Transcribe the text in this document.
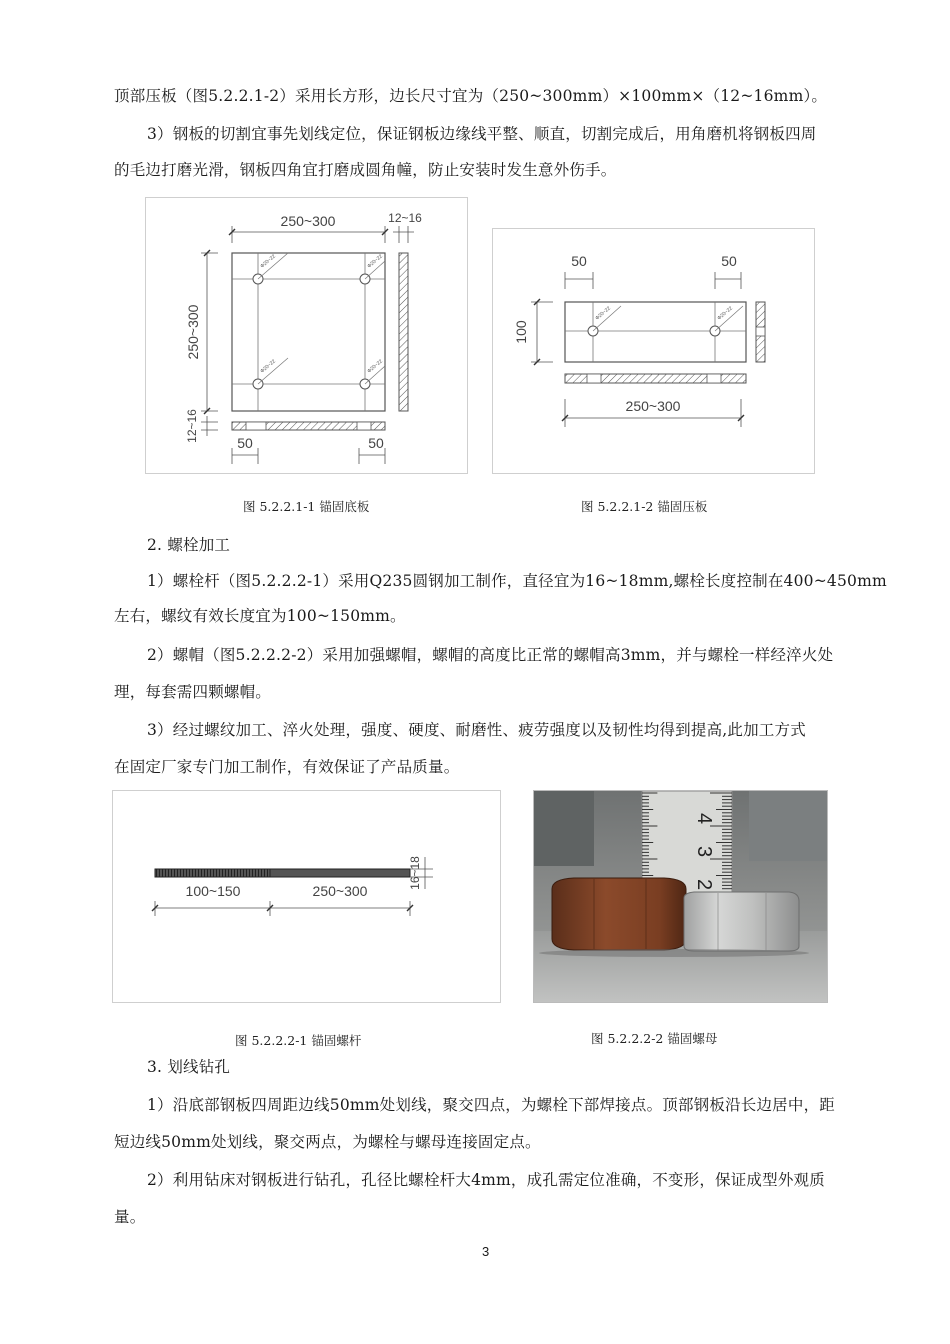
顶部压板（图5.2.2.1-2）采用长方形，边长尺寸宜为（250~300mm）×100mm×（12~16mm）。
3）钢板的切割宜事先划线定位，保证钢板边缘线平整、顺直，切割完成后，用角磨机将钢板四周
的毛边打磨光滑，钢板四角宜打磨成圆角幢，防止安装时发生意外伤手。
Ф20~22	Ф20~22
Ф20~22	Ф20~22
250~300	12~16
250~300
12~16
50	50
Ф20~22	Ф20~22
50	50
100
250~300
图 5.2.2.1-1 锚固底板	图 5.2.2.1-2 锚固压板
2. 螺栓加工
1）螺栓杆（图5.2.2.2-1）采用Q235圆钢加工制作，直径宜为16~18mm,螺栓长度控制在400~450mm
左右，螺纹有效长度宜为100~150mm。
2）螺帽（图5.2.2.2-2）采用加强螺帽，螺帽的高度比正常的螺帽高3mm，并与螺栓一样经淬火处
理，每套需四颗螺帽。
3）经过螺纹加工、淬火处理，强度、硬度、耐磨性、疲劳强度以及韧性均得到提高,此加工方式
在固定厂家专门加工制作，有效保证了产品质量。
16~18
100~150	250~300
4
3
2
图 5.2.2.2-1 锚固螺杆	图 5.2.2.2-2 锚固螺母
3. 划线钻孔
1）沿底部钢板四周距边线50mm处划线，聚交四点，为螺栓下部焊接点。顶部钢板沿长边居中，距
短边线50mm处划线，聚交两点，为螺栓与螺母连接固定点。
2）利用钻床对钢板进行钻孔，孔径比螺栓杆大4mm，成孔需定位准确，不变形，保证成型外观质
量。
3
